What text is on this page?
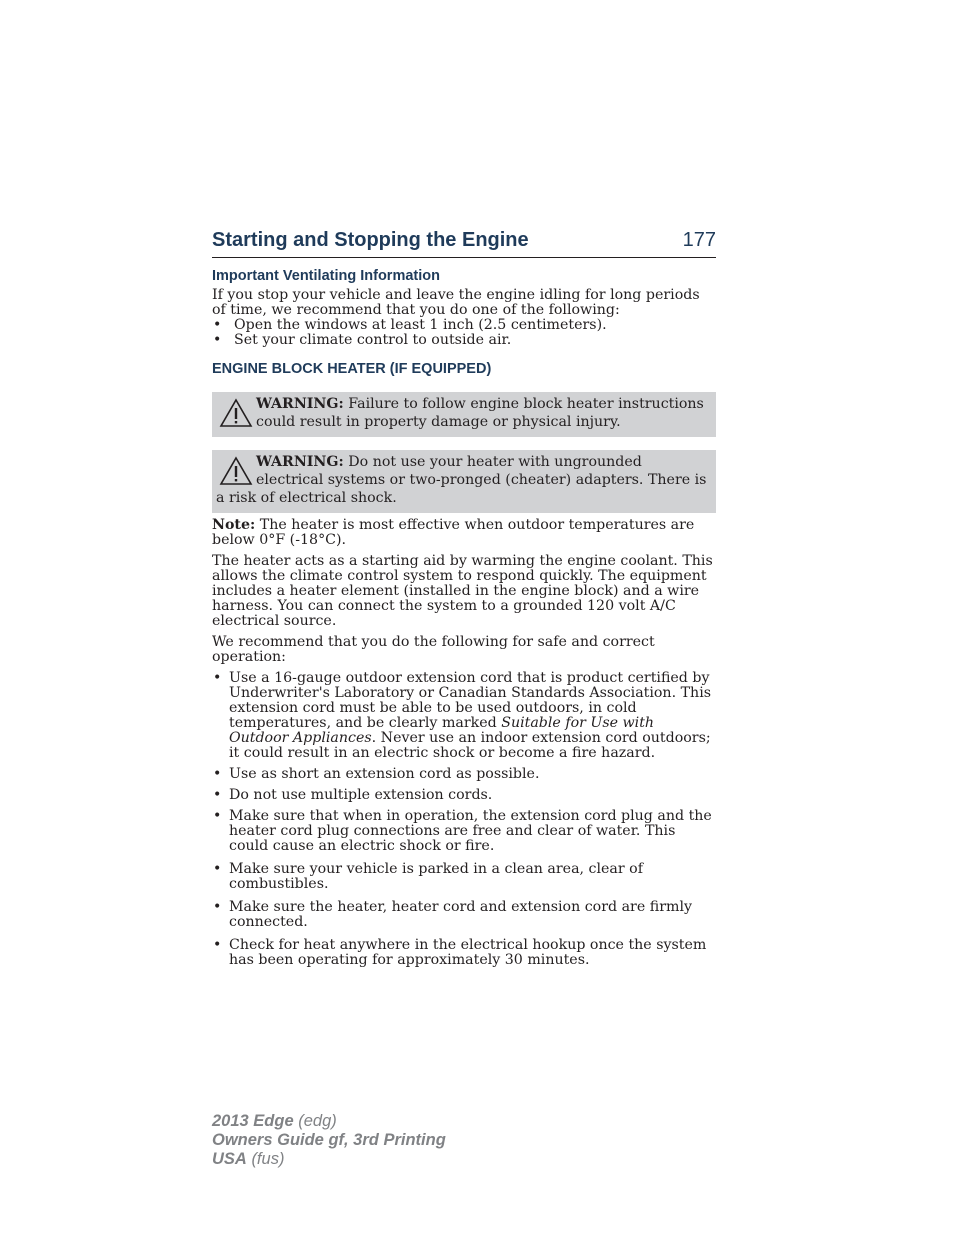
Starting and Stopping the Engine	177
Important Ventilating Information

If you stop your vehicle and leave the engine idling for long periods of time, we recommend that you do one of the following:

• Open the windows at least 1 inch (2.5 centimeters).
• Set your climate control to outside air.
ENGINE BLOCK HEATER (IF EQUIPPED)
WARNING: Failure to follow engine block heater instructions could result in property damage or physical injury.
WARNING: Do not use your heater with ungrounded electrical systems or two-pronged (cheater) adapters. There is a risk of electrical shock.

Note: The heater is most effective when outdoor temperatures are below 0°F (-18°C).

The heater acts as a starting aid by warming the engine coolant. This allows the climate control system to respond quickly. The equipment includes a heater element (installed in the engine block) and a wire harness. You can connect the system to a grounded 120 volt A/C electrical source.

We recommend that you do the following for safe and correct operation:

• Use a 16-gauge outdoor extension cord that is product certified by Underwriter's Laboratory or Canadian Standards Association. This extension cord must be able to be used outdoors, in cold temperatures, and be clearly marked Suitable for Use with Outdoor Appliances. Never use an indoor extension cord outdoors; it could result in an electric shock or become a fire hazard.
• Use as short an extension cord as possible.
• Do not use multiple extension cords.
• Make sure that when in operation, the extension cord plug and the heater cord plug connections are free and clear of water. This could cause an electric shock or fire.
• Make sure your vehicle is parked in a clean area, clear of combustibles.
• Make sure the heater, heater cord and extension cord are firmly connected.
• Check for heat anywhere in the electrical hookup once the system has been operating for approximately 30 minutes.
2013 Edge (edg)
Owners Guide gf, 3rd Printing
USA (fus)
